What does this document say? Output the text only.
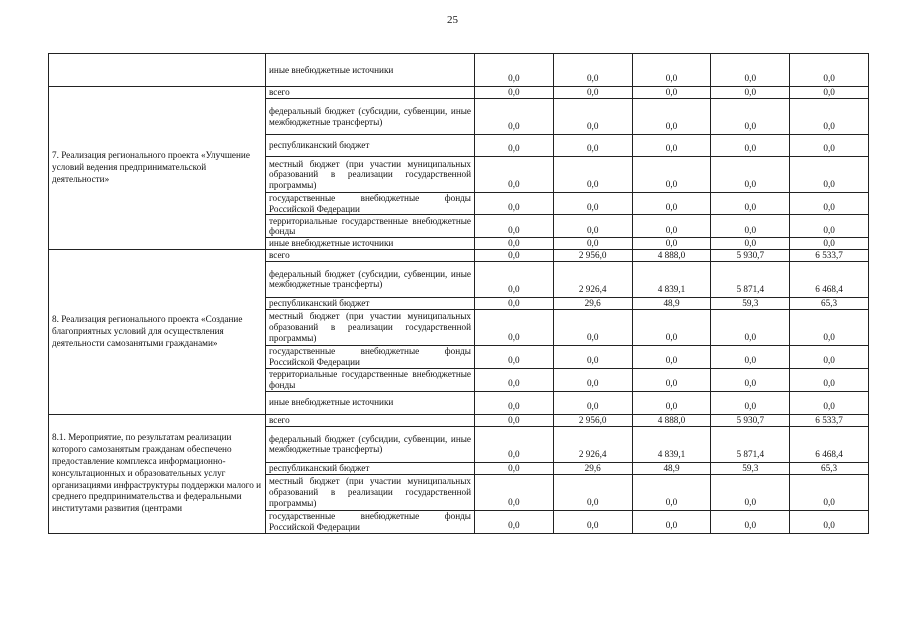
25
	иные внебюджетные источники	0,0	0,0	0,0	0,0	0,0
7. Реализация регионального проекта «Улучшение условий ведения предпринимательской деятельности»	всего	0,0	0,0	0,0	0,0	0,0
	федеральный бюджет (субсидии, субвенции, иные межбюджетные трансферты)	0,0	0,0	0,0	0,0	0,0
	республиканский бюджет	0,0	0,0	0,0	0,0	0,0
	местный бюджет (при участии муниципальных образований в реализации государственной программы)	0,0	0,0	0,0	0,0	0,0
	государственные внебюджетные фонды Российской Федерации	0,0	0,0	0,0	0,0	0,0
	территориальные государственные внебюджетные фонды	0,0	0,0	0,0	0,0	0,0
	иные внебюджетные источники	0,0	0,0	0,0	0,0	0,0
8. Реализация регионального проекта «Создание благоприятных условий для осуществления деятельности самозанятыми гражданами»	всего	0,0	2 956,0	4 888,0	5 930,7	6 533,7
	федеральный бюджет (субсидии, субвенции, иные межбюджетные трансферты)	0,0	2 926,4	4 839,1	5 871,4	6 468,4
	республиканский бюджет	0,0	29,6	48,9	59,3	65,3
	местный бюджет (при участии муниципальных образований в реализации государственной программы)	0,0	0,0	0,0	0,0	0,0
	государственные внебюджетные фонды Российской Федерации	0,0	0,0	0,0	0,0	0,0
	территориальные государственные внебюджетные фонды	0,0	0,0	0,0	0,0	0,0
	иные внебюджетные источники	0,0	0,0	0,0	0,0	0,0
8.1. Мероприятие, по результатам реализации которого самозанятым гражданам обеспечено предоставление комплекса информационно-консультационных и образовательных услуг организациями инфраструктуры поддержки малого и среднего предпринимательства и федеральными институтами развития (центрами	всего	0,0	2 956,0	4 888,0	5 930,7	6 533,7
	федеральный бюджет (субсидии, субвенции, иные межбюджетные трансферты)	0,0	2 926,4	4 839,1	5 871,4	6 468,4
	республиканский бюджет	0,0	29,6	48,9	59,3	65,3
	местный бюджет (при участии муниципальных образований в реализации государственной программы)	0,0	0,0	0,0	0,0	0,0
	государственные внебюджетные фонды Российской Федерации	0,0	0,0	0,0	0,0	0,0
